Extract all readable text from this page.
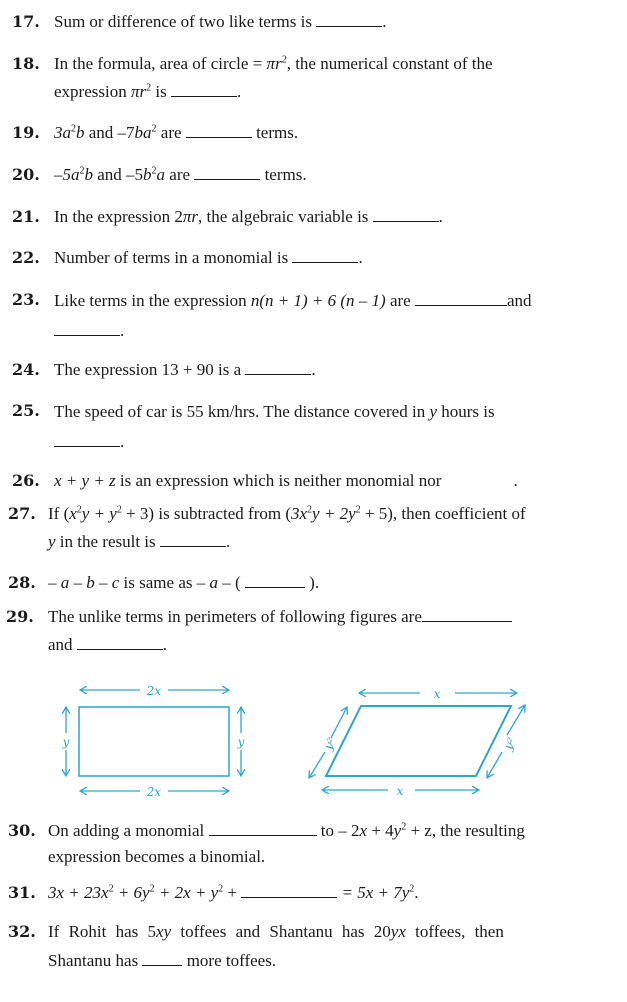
17. Sum or difference of two like terms is	.
18. In the formula, area of circle = $\pi r^2$, the numerical constant of the
expression $\pi r^2$ is	.
19. $3a^2b$ and $-7ba^2$ are	terms.
20. $-5a^2b$ and $-5b^2a$ are	terms.
21. In the expression 2πr, the algebraic variable is	.
22. Number of terms in a monomial is	.
23. Like terms in the expression n(n + 1) + 6 (n – 1) are	and
.
24. The expression 13 + 90 is a	.
25. The speed of car is 55 km/hrs. The distance covered in y hours is
.
26. x + y + z is an expression which is neither monomial nor	.
27. If $(x^2y + y^2 + 3)$ is subtracted from $(3x^2y + 2y^2 + 5)$, then coefficient of
y in the result is	.
28. – a – b – c is same as – a – (	).
29. The unlike terms in perimeters of following figures are
and	.
2x
2x
y	y
x
x
y²	y²
30. On adding a monomial	to – $2x + 4y^2 + z$, the resulting
expression becomes a binomial.
31. $3x + 23x^2 + 6y^2 + 2x + y^2$ +	= $5x + 7y^2$.
32. If Rohit has 5xy toffees and Shantanu has 20yx toffees, then
Shantanu has  more toffees.
